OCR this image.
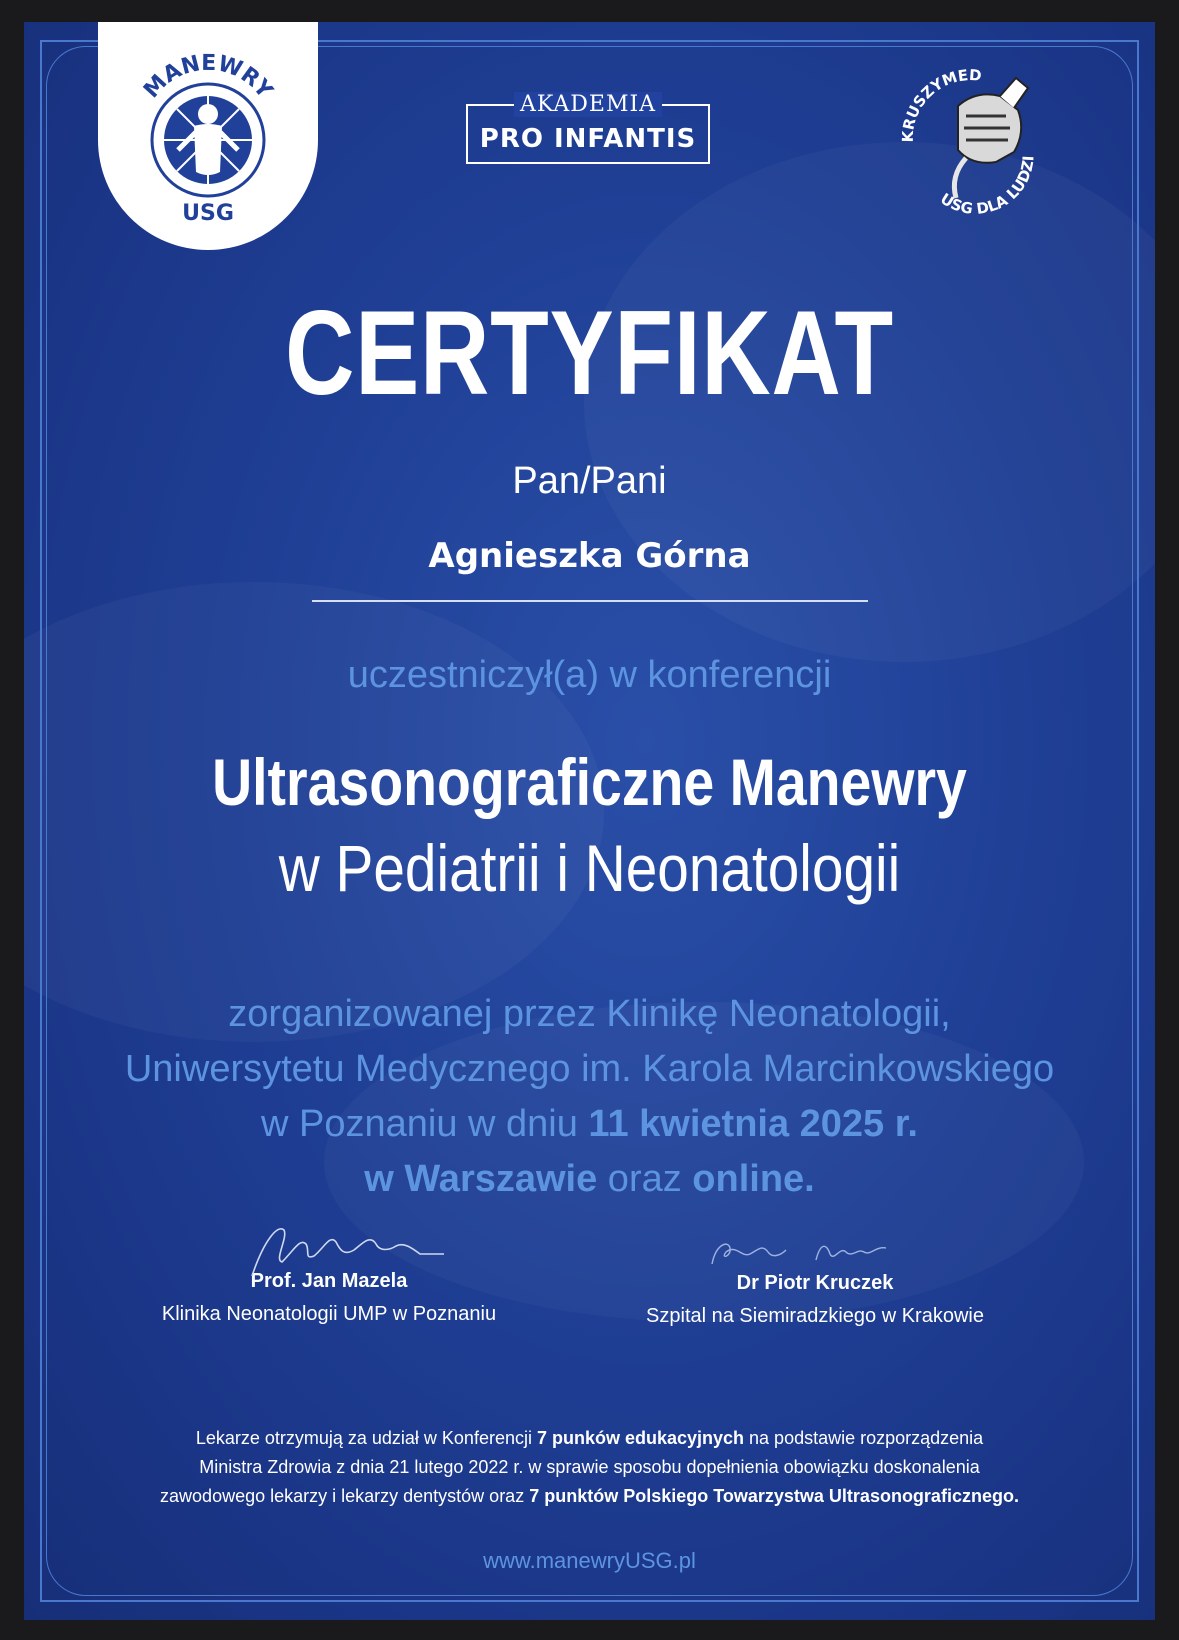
MANEWRY
USG
AKADEMIA
PRO INFANTIS	KRUSZYMED
USG DLA LUDZI
CERTYFIKAT
Pan/Pani
Agnieszka Górna
uczestniczył(a) w konferencji
Ultrasonograficzne Manewry
w Pediatrii i Neonatologii
zorganizowanej przez Klinikę Neonatologii,
Uniwersytetu Medycznego im. Karola Marcinkowskiego
w Poznaniu w dniu 11 kwietnia 2025 r.
w Warszawie oraz online.
Prof. Jan Mazela
Klinika Neonatologii UMP w Poznaniu
Dr Piotr Kruczek
Szpital na Siemiradzkiego w Krakowie
Lekarze otrzymują za udział w Konferencji 7 punków edukacyjnych na podstawie rozporządzenia
Ministra Zdrowia z dnia 21 lutego 2022 r. w sprawie sposobu dopełnienia obowiązku doskonalenia
zawodowego lekarzy i lekarzy dentystów oraz 7 punktów Polskiego Towarzystwa Ultrasonograficznego.
www.manewryUSG.pl
